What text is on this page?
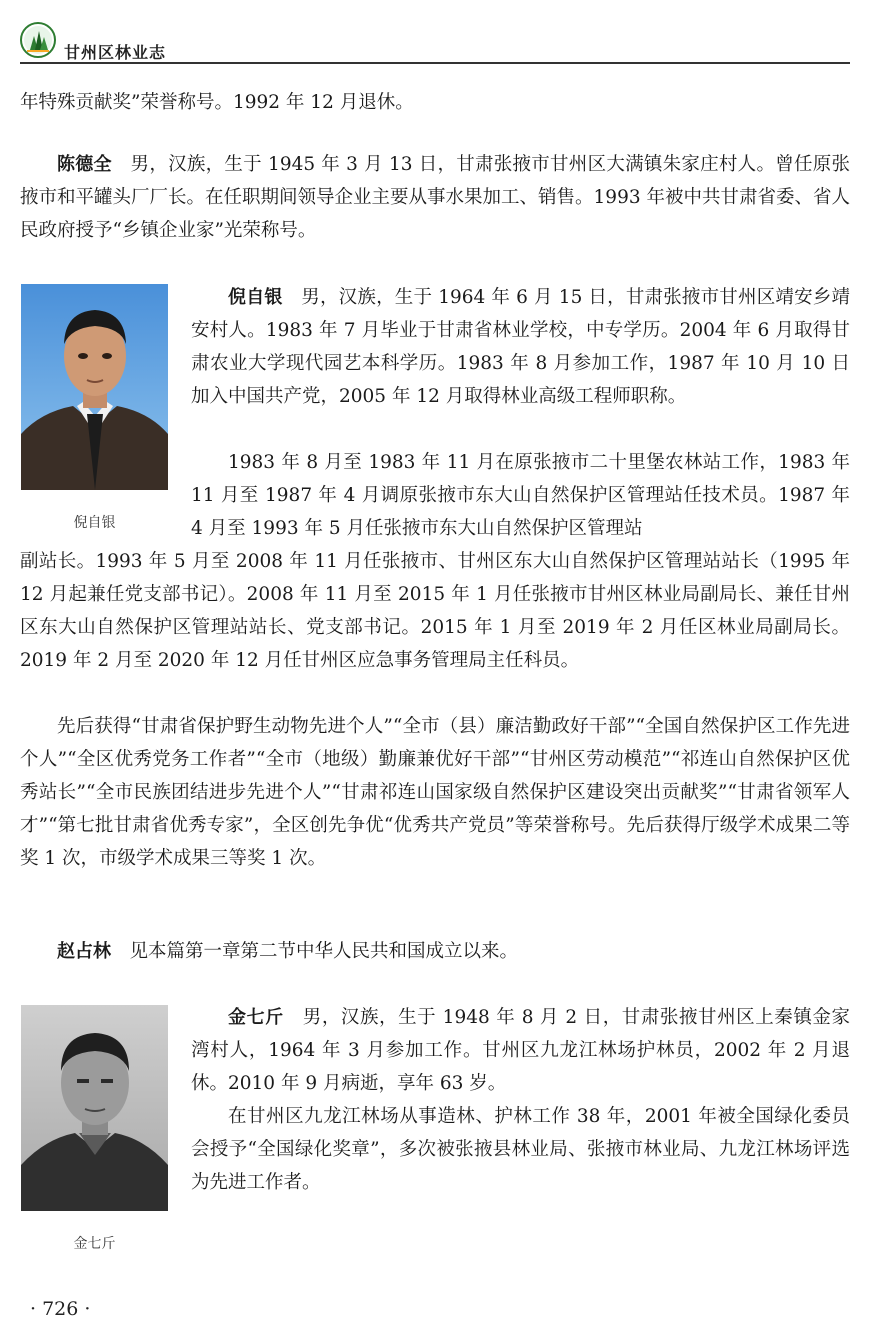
甘州区林业志

年特殊贡献奖”荣誉称号。1992 年 12 月退休。

陈德全  男，汉族，生于 1945 年 3 月 13 日，甘肃张掖市甘州区大满镇朱家庄村人。曾任原张掖市和平罐头厂厂长。在任职期间领导企业主要从事水果加工、销售。1993 年被中共甘肃省委、省人民政府授予“乡镇企业家”光荣称号。

倪自银

倪自银  男，汉族，生于 1964 年 6 月 15 日，甘肃张掖市甘州区靖安乡靖安村人。1983 年 7 月毕业于甘肃省林业学校，中专学历。2004 年 6 月取得甘肃农业大学现代园艺本科学历。1983 年 8 月参加工作，1987 年 10 月 10 日加入中国共产党，2005 年 12 月取得林业高级工程师职称。

1983 年 8 月至 1983 年 11 月在原张掖市二十里堡农林站工作，1983 年 11 月至 1987 年 4 月调原张掖市东大山自然保护区管理站任技术员。1987 年 4 月至 1993 年 5 月任张掖市东大山自然保护区管理站

副站长。1993 年 5 月至 2008 年 11 月任张掖市、甘州区东大山自然保护区管理站站长（1995 年 12 月起兼任党支部书记）。2008 年 11 月至 2015 年 1 月任张掖市甘州区林业局副局长、兼任甘州区东大山自然保护区管理站站长、党支部书记。2015 年 1 月至 2019 年 2 月任区林业局副局长。2019 年 2 月至 2020 年 12 月任甘州区应急事务管理局主任科员。

先后获得“甘肃省保护野生动物先进个人”“全市（县）廉洁勤政好干部”“全国自然保护区工作先进个人”“全区优秀党务工作者”“全市（地级）勤廉兼优好干部”“甘州区劳动模范”“祁连山自然保护区优秀站长”“全市民族团结进步先进个人”“甘肃祁连山国家级自然保护区建设突出贡献奖”“甘肃省领军人才”“第七批甘肃省优秀专家”，全区创先争优“优秀共产党员”等荣誉称号。先后获得厅级学术成果二等奖 1 次，市级学术成果三等奖 1 次。

赵占林  见本篇第一章第二节中华人民共和国成立以来。

金七斤

金七斤  男，汉族，生于 1948 年 8 月 2 日，甘肃张掖甘州区上秦镇金家湾村人，1964 年 3 月参加工作。甘州区九龙江林场护林员，2002 年 2 月退休。2010 年 9 月病逝，享年 63 岁。

在甘州区九龙江林场从事造林、护林工作 38 年，2001 年被全国绿化委员会授予“全国绿化奖章”，多次被张掖县林业局、张掖市林业局、九龙江林场评选为先进工作者。

· 726 ·
